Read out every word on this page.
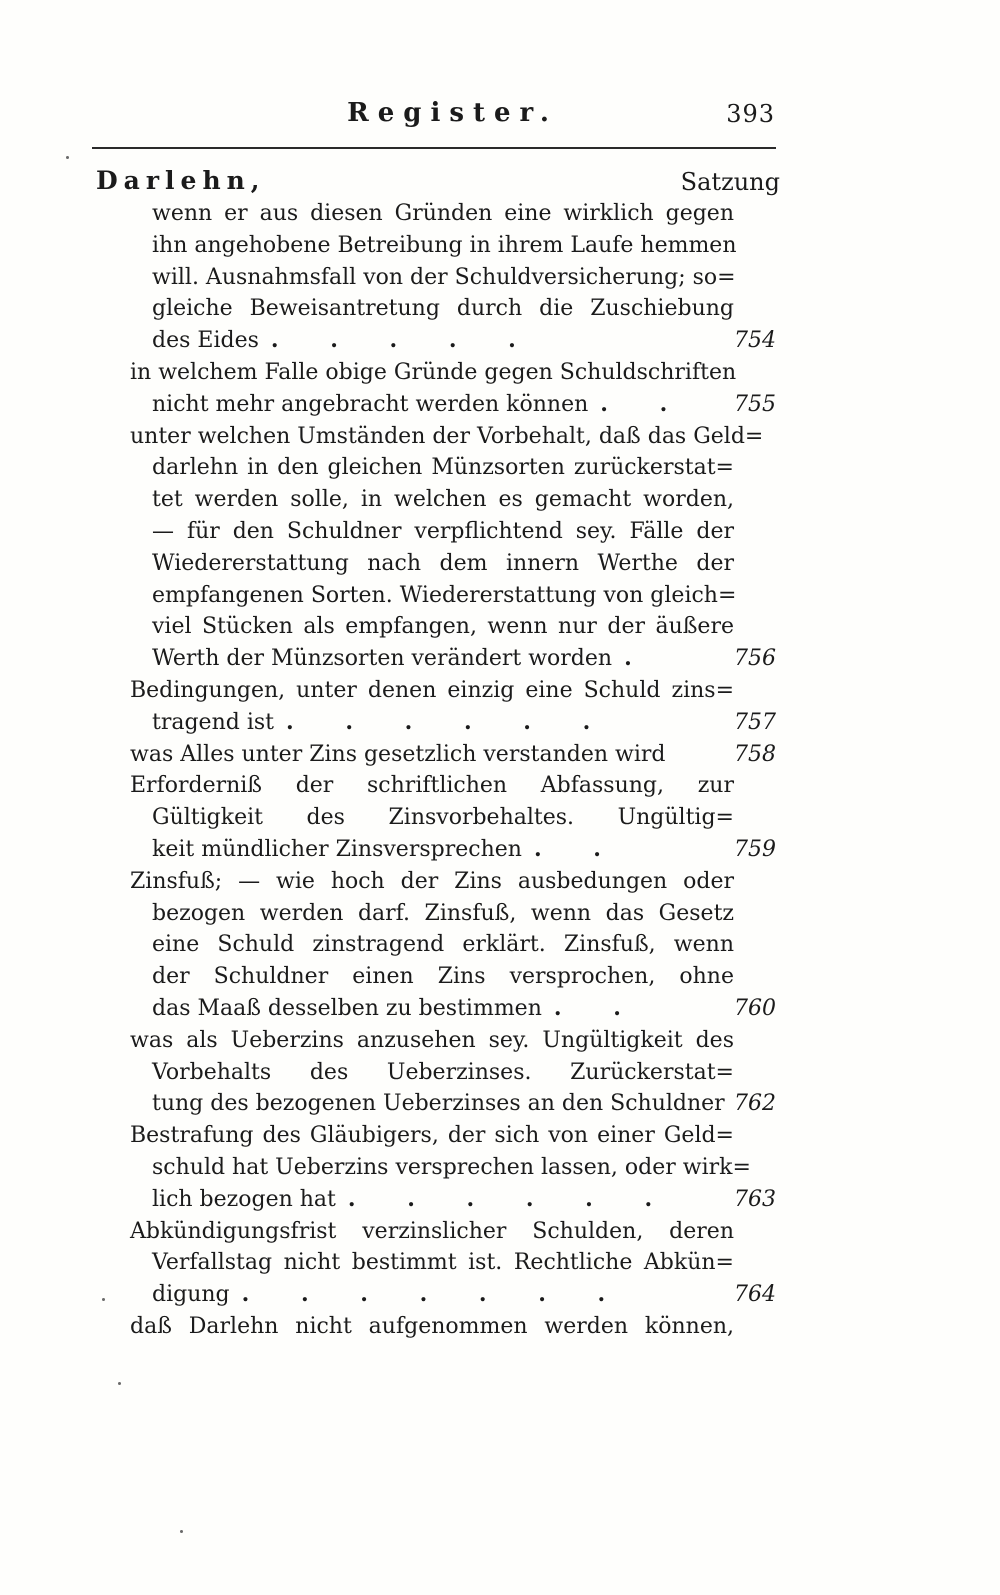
Register.	393
Darlehn,	Satzung
wenn er aus diesen Gründen eine wirklich gegen
ihn angehobene Betreibung in ihrem Laufe hemmen
will. Ausnahmsfall von der Schuldversicherung; so=
gleiche Beweisantretung durch die Zuschiebung
des Eides . . . . .	754
in welchem Falle obige Gründe gegen Schuldschriften
nicht mehr angebracht werden können . . 755
unter welchen Umständen der Vorbehalt, daß das Geld=
darlehn in den gleichen Münzsorten zurückerstat=
tet werden solle, in welchen es gemacht worden,
— für den Schuldner verpflichtend sey. Fälle der
Wiedererstattung nach dem innern Werthe der
empfangenen Sorten. Wiedererstattung von gleich=
viel Stücken als empfangen, wenn nur der äußere
Werth der Münzsorten verändert worden .	756
Bedingungen, unter denen einzig eine Schuld zins=
tragend ist . . . . . .	757
was Alles unter Zins gesetzlich verstanden wird	758
Erforderniß der schriftlichen Abfassung, zur
Gültigkeit des Zinsvorbehaltes. Ungültig=
keit mündlicher Zinsversprechen . .	759
Zinsfuß; — wie hoch der Zins ausbedungen oder
bezogen werden darf. Zinsfuß, wenn das Gesetz
eine Schuld zinstragend erklärt. Zinsfuß, wenn
der Schuldner einen Zins versprochen, ohne
das Maaß desselben zu bestimmen . .	760
was als Ueberzins anzusehen sey. Ungültigkeit des
Vorbehalts des Ueberzinses. Zurückerstat=
tung des bezogenen Ueberzinses an den Schuldner 762
Bestrafung des Gläubigers, der sich von einer Geld=
schuld hat Ueberzins versprechen lassen, oder wirk=
lich bezogen hat . . . . . .	763
Abkündigungsfrist verzinslicher Schulden, deren
Verfallstag nicht bestimmt ist. Rechtliche Abkün=
digung . . . . . . .	764
daß Darlehn nicht aufgenommen werden können,
